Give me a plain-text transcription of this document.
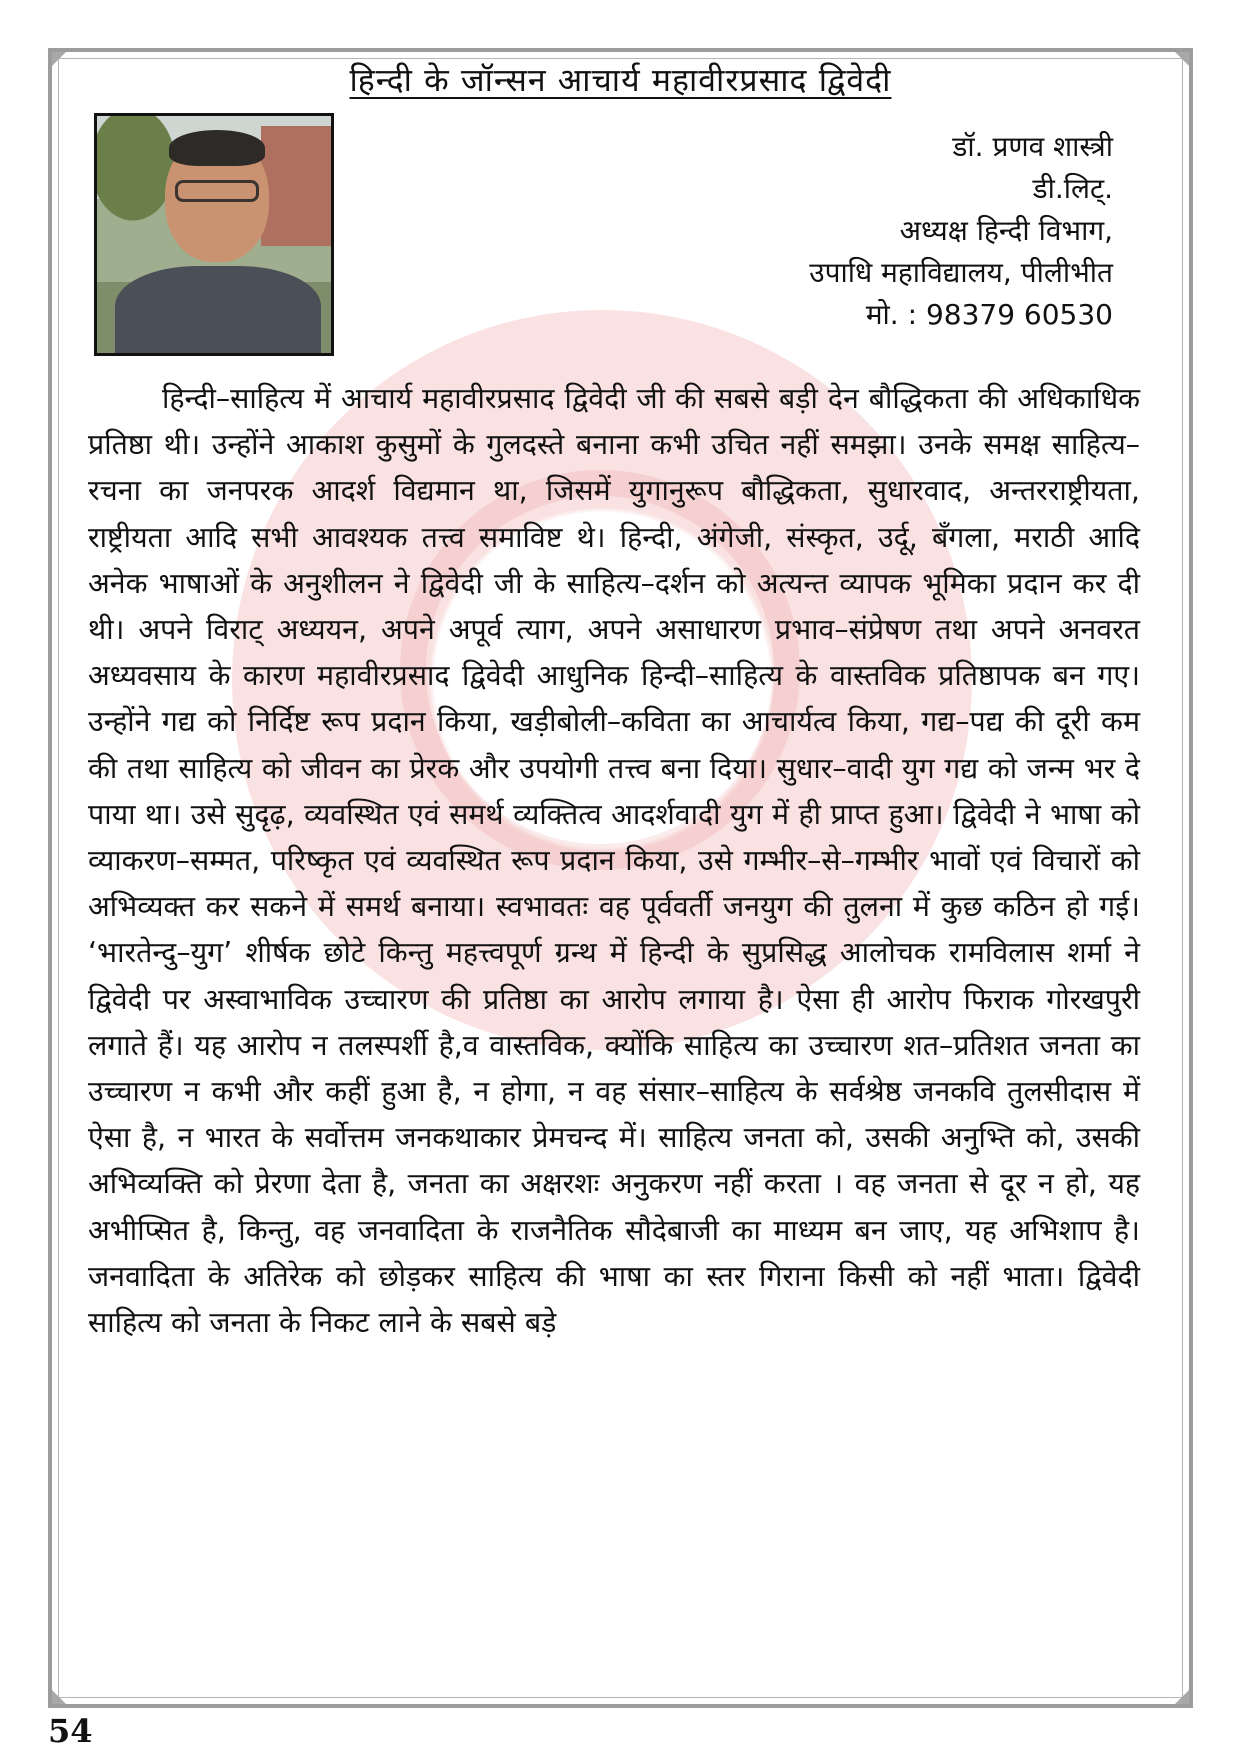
हिन्दी के जॉन्सन आचार्य महावीरप्रसाद द्विवेदी
डॉ. प्रणव शास्त्री
डी.लिट्.
अध्यक्ष हिन्दी विभाग,
उपाधि महाविद्यालय, पीलीभीत
मो. : 98379 60530

हिन्दी–साहित्य में आचार्य महावीरप्रसाद द्विवेदी जी की सबसे बड़ी देन बौद्धिकता की अधिकाधिक प्रतिष्ठा थी। उन्होंने आकाश कुसुमों के गुलदस्ते बनाना कभी उचित नहीं समझा। उनके समक्ष साहित्य–रचना का जनपरक आदर्श विद्यमान था, जिसमें युगानुरूप बौद्धिकता, सुधारवाद, अन्तरराष्ट्रीयता, राष्ट्रीयता आदि सभी आवश्यक तत्त्व समाविष्ट थे। हिन्दी, अंगेजी, संस्कृत, उर्दू, बँगला, मराठी आदि अनेक भाषाओं के अनुशीलन ने द्विवेदी जी के साहित्य–दर्शन को अत्यन्त व्यापक भूमिका प्रदान कर दी थी। अपने विराट् अध्ययन, अपने अपूर्व त्याग, अपने असाधारण प्रभाव–संप्रेषण तथा अपने अनवरत अध्यवसाय के कारण महावीरप्रसाद द्विवेदी आधुनिक हिन्दी–साहित्य के वास्तविक प्रतिष्ठापक बन गए। उन्होंने गद्य को निर्दिष्ट रूप प्रदान किया, खड़ीबोली–कविता का आचार्यत्व किया, गद्य–पद्य की दूरी कम की तथा साहित्य को जीवन का प्रेरक और उपयोगी तत्त्व बना दिया। सुधार–वादी युग गद्य को जन्म भर दे पाया था। उसे सुदृढ़, व्यवस्थित एवं समर्थ व्यक्तित्व आदर्शवादी युग में ही प्राप्त हुआ। द्विवेदी ने भाषा को व्याकरण–सम्मत, परिष्कृत एवं व्यवस्थित रूप प्रदान किया, उसे गम्भीर–से–गम्भीर भावों एवं विचारों को अभिव्यक्त कर सकने में समर्थ बनाया। स्वभावतः वह पूर्ववर्ती जनयुग की तुलना में कुछ कठिन हो गई। ‘भारतेन्दु–युग’ शीर्षक छोटे किन्तु महत्त्वपूर्ण ग्रन्थ में हिन्दी के सुप्रसिद्ध आलोचक रामविलास शर्मा ने द्विवेदी पर अस्वाभाविक उच्चारण की प्रतिष्ठा का आरोप लगाया है। ऐसा ही आरोप फिराक गोरखपुरी लगाते हैं। यह आरोप न तलस्पर्शी है,व वास्तविक, क्योंकि साहित्य का उच्चारण शत–प्रतिशत जनता का उच्चारण न कभी और कहीं हुआ है, न होगा, न वह संसार–साहित्य के सर्वश्रेष्ठ जनकवि तुलसीदास में ऐसा है, न भारत के सर्वोत्तम जनकथाकार प्रेमचन्द में। साहित्य जनता को, उसकी अनुभ्ति को, उसकी अभिव्यक्ति को प्रेरणा देता है, जनता का अक्षरशः अनुकरण नहीं करता । वह जनता से दूर न हो, यह अभीप्सित है, किन्तु, वह जनवादिता के राजनैतिक सौदेबाजी का माध्यम बन जाए, यह अभिशाप है। जनवादिता के अतिरेक को छोड़कर साहित्य की भाषा का स्तर गिराना किसी को नहीं भाता। द्विवेदी साहित्य को जनता के निकट लाने के सबसे बड़े

54
